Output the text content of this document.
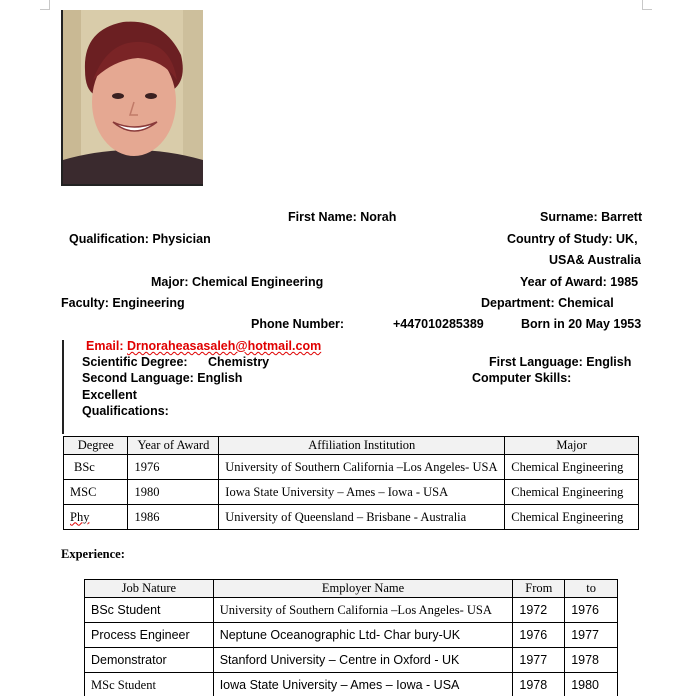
First Name: Norah	Surname: Barrett
Qualification: Physician	Country of Study: UK,
USA& Australia
Major: Chemical Engineering	Year of Award: 1985
Faculty: Engineering	Department: Chemical
Phone Number:	+447010285389	Born in 20 May 1953
Email: Drnoraheasasaleh@hotmail.com
Scientific Degree: Chemistry	First Language: English
Second Language: English	Computer Skills:
Excellent
Qualifications:
Degree	Year of Award	Affiliation Institution	Major
BSc	1976	University of Southern California –Los Angeles- USA	Chemical Engineering
MSC	1980	Iowa State University – Ames – Iowa - USA	Chemical Engineering
Phy	1986	University of Queensland – Brisbane - Australia	Chemical Engineering
Experience:
Job Nature	Employer Name	From	to
BSc Student	University of Southern California –Los Angeles- USA	1972	1976
Process Engineer	Neptune Oceanographic Ltd- Char bury-UK	1976	1977
Demonstrator	Stanford University – Centre in Oxford - UK	1977	1978
MSc Student	Iowa State University – Ames – Iowa - USA	1978	1980
